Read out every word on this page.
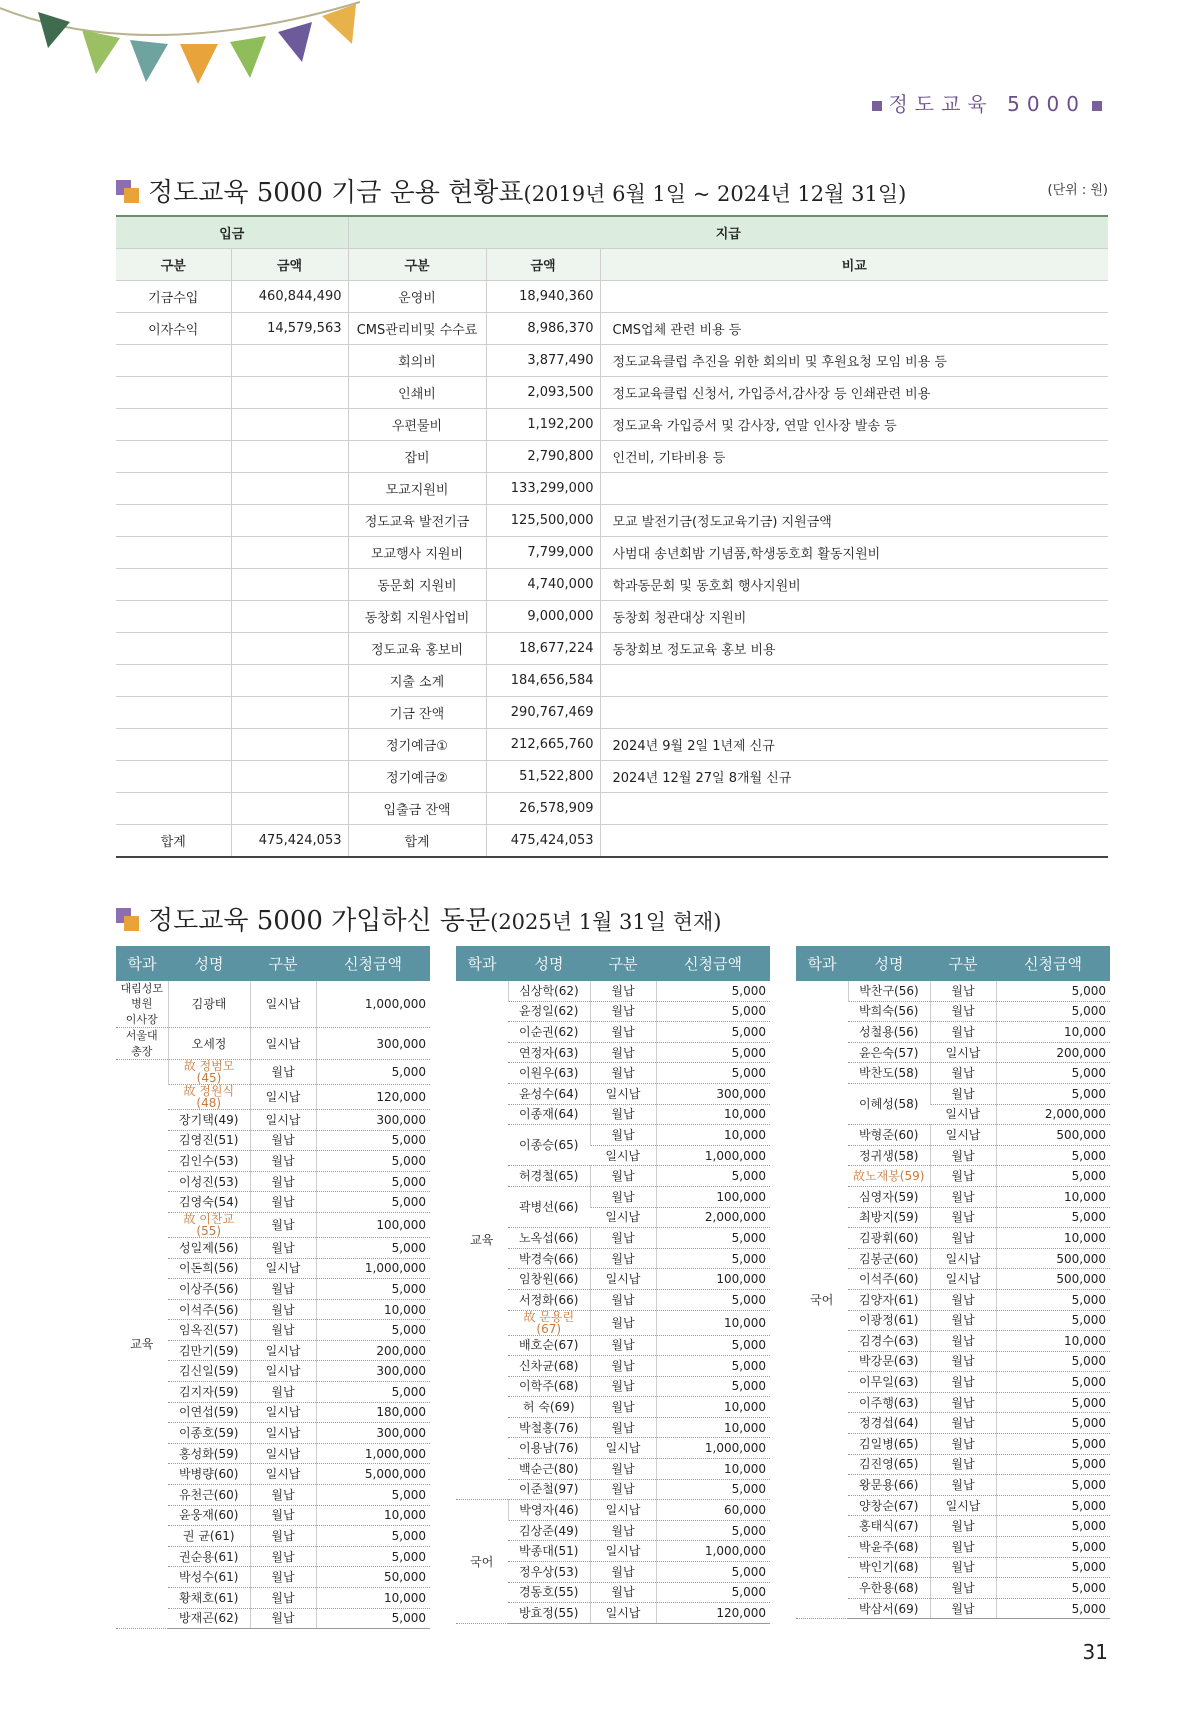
정도교육 5000
정도교육 5000 기금 운용 현황표(2019년 6월 1일 ~ 2024년 12월 31일)	(단위 : 원)
입금		지급		
구분	금액	구분	금액	비교
기금수입	460,844,490	운영비	18,940,360	
이자수익	14,579,563	CMS관리비및 수수료	8,986,370	CMS업체 관련 비용 등
		회의비	3,877,490	정도교육클럽 추진을 위한 회의비 및 후원요청 모임 비용 등
		인쇄비	2,093,500	정도교육클럽 신청서, 가입증서,감사장 등 인쇄관련 비용
		우편물비	1,192,200	정도교육 가입증서 및 감사장, 연말 인사장 발송 등
		잡비	2,790,800	인건비, 기타비용 등
		모교지원비	133,299,000	
		정도교육 발전기금	125,500,000	모교 발전기금(정도교육기금) 지원금액
		모교행사 지원비	7,799,000	사범대 송년회밤 기념품,학생동호회 활동지원비
		동문회 지원비	4,740,000	학과동문회 및 동호회 행사지원비
		동창회 지원사업비	9,000,000	동창회 청관대상 지원비
		정도교육 홍보비	18,677,224	동창회보 정도교육 홍보 비용
		지출 소계	184,656,584	
		기금 잔액	290,767,469	
		정기예금①	212,665,760	2024년 9월 2일 1년제 신규
		정기예금②	51,522,800	2024년 12월 27일 8개월 신규
		입출금 잔액	26,578,909	
합계	475,424,053	합계	475,424,053	
정도교육 5000 가입하신 동문(2025년 1월 31일 현재)
학과	성명	구분	신청금액
대림성모병원
이사장	김광태	일시납	1,000,000

서울대 총장	오세정	일시납	300,000
교육	故 정범모(45)	월납	5,000
	故 정원식(48)	일시납	120,000
	장기택(49)	일시납	300,000
	김영진(51)	월납	5,000
	김인수(53)	월납	5,000
	이성진(53)	월납	5,000
	김영숙(54)	월납	5,000
	故 이찬교(55)	월납	100,000
	성일제(56)	월납	5,000
	이돈희(56)	일시납	1,000,000
	이상주(56)	월납	5,000
	이석주(56)	월납	10,000
	임옥진(57)	월납	5,000
	김만기(59)	일시납	200,000
	김신일(59)	일시납	300,000
	김지자(59)	월납	5,000
	이연섭(59)	일시납	180,000
	이종호(59)	일시납	300,000
	홍성화(59)	일시납	1,000,000
	박병량(60)	일시납	5,000,000
	유천근(60)	월납	5,000
	윤웅재(60)	월납	10,000
	권 균(61)	월납	5,000
	권순용(61)	월납	5,000
	박성수(61)	월납	50,000
	황채호(61)	월납	10,000
	방재곤(62)	월납	5,000
학과	성명	구분	신청금액
교육	심상학(62)	월납	5,000
	윤정일(62)	월납	5,000
	이순권(62)	월납	5,000
	연정자(63)	월납	5,000
	이원우(63)	월납	5,000
	윤성수(64)	일시납	300,000
	이종재(64)	월납	10,000
	이종승(65)	월납	10,000
		일시납	1,000,000
	허경철(65)	월납	5,000
	곽병선(66)	월납	100,000
		일시납	2,000,000
	노옥섭(66)	월납	5,000
	박경숙(66)	월납	5,000
	임창원(66)	일시납	100,000
	서정화(66)	월납	5,000
	故 문용린(67)	월납	10,000
	배호순(67)	월납	5,000
	신차균(68)	월납	5,000
	이학주(68)	월납	5,000
	허 숙(69)	월납	10,000
	박철홍(76)	월납	10,000
	이용남(76)	일시납	1,000,000
	백순근(80)	월납	10,000
	이준철(97)	월납	5,000
국어	박영자(46)	일시납	60,000
	김상준(49)	월납	5,000
	박종대(51)	일시납	1,000,000
	정우상(53)	월납	5,000
	경동호(55)	월납	5,000
	방효정(55)	일시납	120,000
학과	성명	구분	신청금액
국어	박찬구(56)	월납	5,000
	박희숙(56)	월납	5,000
	성철용(56)	월납	10,000
	윤은숙(57)	일시납	200,000
	박찬도(58)	월납	5,000
	이혜성(58)	월납	5,000
		일시납	2,000,000
	박형준(60)	일시납	500,000
	정귀생(58)	월납	5,000
	故노재봉(59)	월납	5,000
	심영자(59)	월납	10,000
	최방지(59)	월납	5,000
	김광휘(60)	월납	10,000
	김봉군(60)	일시납	500,000
	이석주(60)	일시납	500,000
	김양자(61)	월납	5,000
	이광정(61)	월납	5,000
	김경수(63)	월납	10,000
	박강문(63)	월납	5,000
	이무일(63)	월납	5,000
	이주행(63)	월납	5,000
	정경섭(64)	월납	5,000
	김일병(65)	월납	5,000
	김진영(65)	월납	5,000
	왕문용(66)	월납	5,000
	양창순(67)	일시납	5,000
	홍태식(67)	월납	5,000
	박윤주(68)	월납	5,000
	박인기(68)	월납	5,000
	우한용(68)	월납	5,000
	박삼서(69)	월납	5,000
31
